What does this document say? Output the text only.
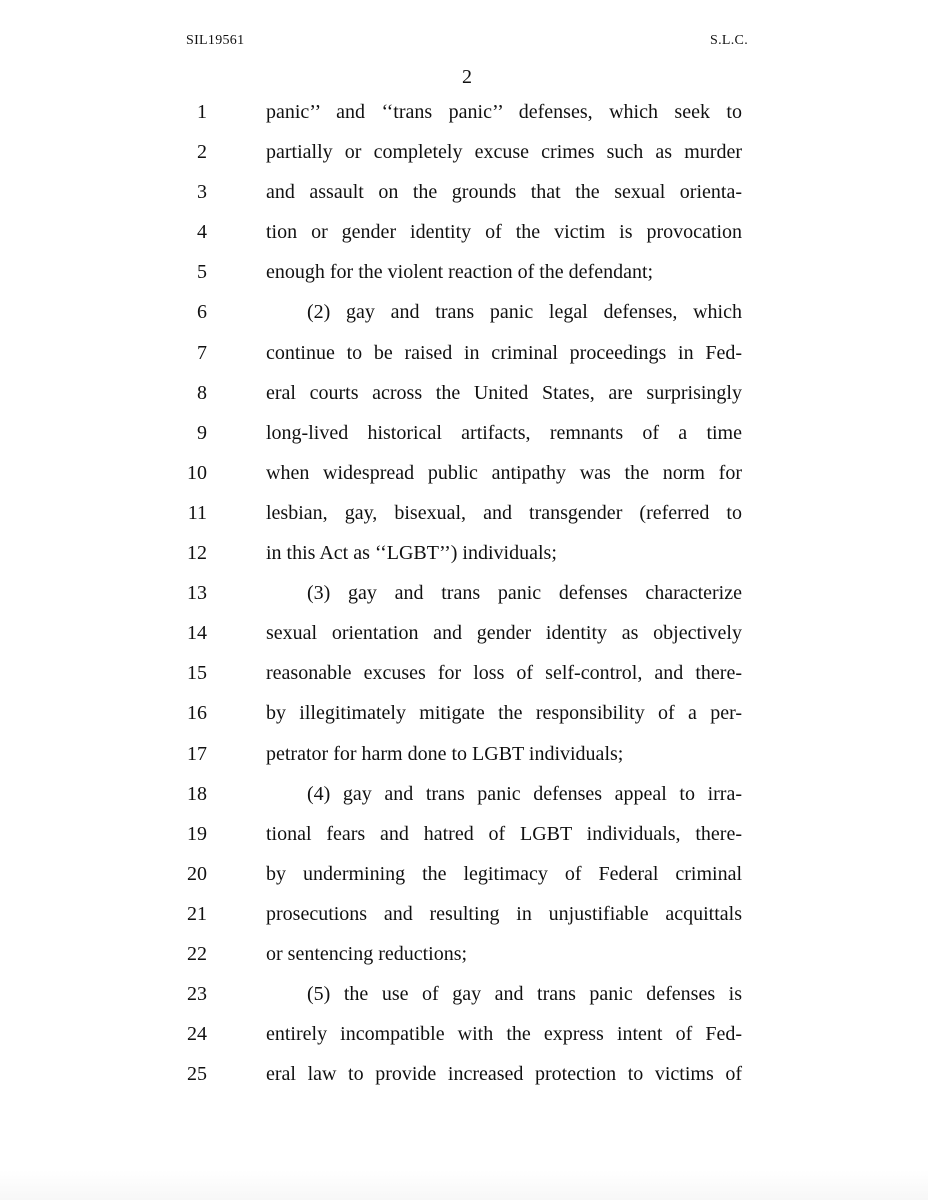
SIL19561	S.L.C.
2
1	panic’’ and ‘‘trans panic’’ defenses, which seek to
2	partially or completely excuse crimes such as murder
3	and assault on the grounds that the sexual orienta-
4	tion or gender identity of the victim is provocation
5	enough for the violent reaction of the defendant;
6	(2) gay and trans panic legal defenses, which
7	continue to be raised in criminal proceedings in Fed-
8	eral courts across the United States, are surprisingly
9	long-lived historical artifacts, remnants of a time
10	when widespread public antipathy was the norm for
11	lesbian, gay, bisexual, and transgender (referred to
12	in this Act as ‘‘LGBT’’) individuals;
13	(3) gay and trans panic defenses characterize
14	sexual orientation and gender identity as objectively
15	reasonable excuses for loss of self-control, and there-
16	by illegitimately mitigate the responsibility of a per-
17	petrator for harm done to LGBT individuals;
18	(4) gay and trans panic defenses appeal to irra-
19	tional fears and hatred of LGBT individuals, there-
20	by undermining the legitimacy of Federal criminal
21	prosecutions and resulting in unjustifiable acquittals
22	or sentencing reductions;
23	(5) the use of gay and trans panic defenses is
24	entirely incompatible with the express intent of Fed-
25	eral law to provide increased protection to victims of
